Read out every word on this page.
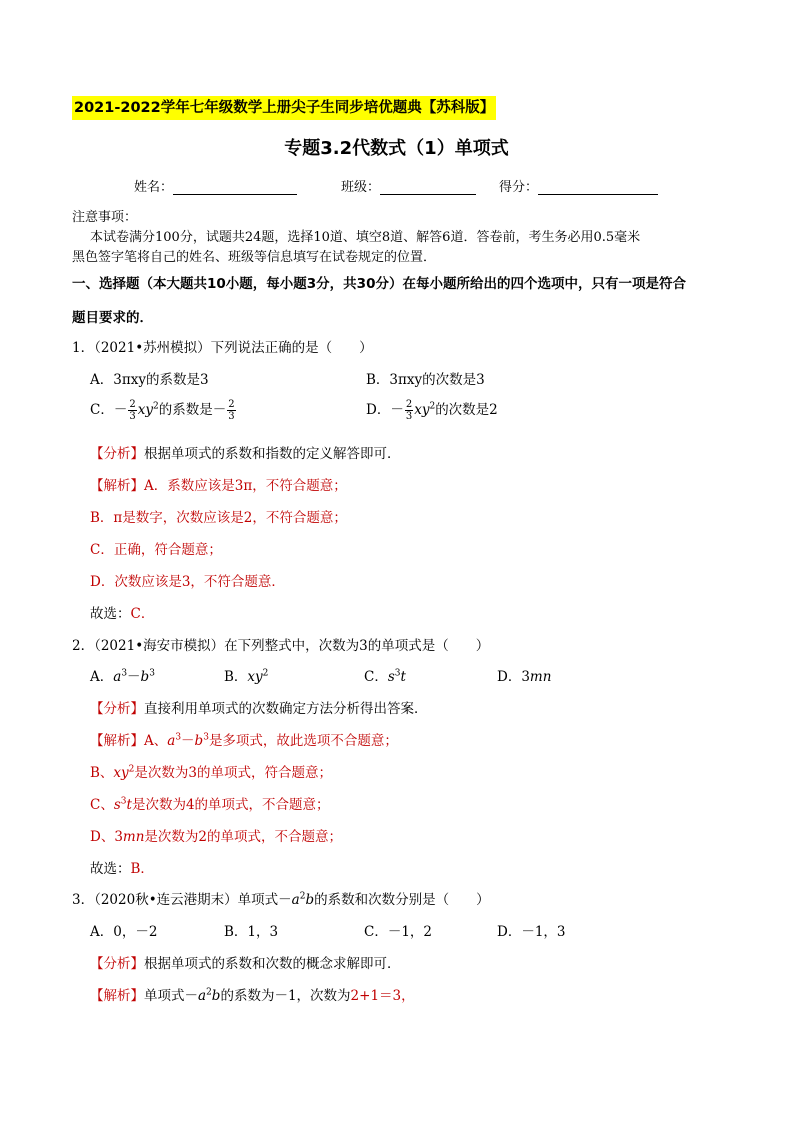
2021-2022学年七年级数学上册尖子生同步培优题典【苏科版】
专题3.2代数式（1）单项式
姓名：	班级：	得分：
注意事项：
本试卷满分100分，试题共24题，选择10道、填空8道、解答6道．答卷前，考生务必用0.5毫米
黑色签字笔将自己的姓名、班级等信息填写在试卷规定的位置．
一、选择题（本大题共10小题，每小题3分，共30分）在每小题所给出的四个选项中，只有一项是符合
题目要求的．
1．（2021•苏州模拟）下列说法正确的是（　　）
A．3πxy的系数是3	B．3πxy的次数是3
C．－ $\frac{2}{3} xy^2$的系数是－ $\frac{2}{3}$	D．－ $\frac{2}{3} xy^2$的次数是2
【分析】根据单项式的系数和指数的定义解答即可．
【解析】A．系数应该是3π，不符合题意；
B．π是数字，次数应该是2，不符合题意；
C．正确，符合题意；
D．次数应该是3，不符合题意．
故选：C．
2．（2021•海安市模拟）在下列整式中，次数为3的单项式是（　　）
A．$a^3-b^3$	B．$xy^2$	C．$s^3t$	D．3mn
【分析】直接利用单项式的次数确定方法分析得出答案．
【解析】A、$a^3-b^3$是多项式，故此选项不合题意；
B、$xy^2$是次数为3的单项式，符合题意；
C、$s^3t$是次数为4的单项式，不合题意；
D、3mn是次数为2的单项式，不合题意；
故选：B．
3．（2020秋•连云港期末）单项式$-a^2b$的系数和次数分别是（　　）
A．0，－2	B．1，3	C．－1，2	D．－1，3
【分析】根据单项式的系数和次数的概念求解即可．
【解析】单项式$-a^2b$的系数为－1，次数为2+1＝3，
